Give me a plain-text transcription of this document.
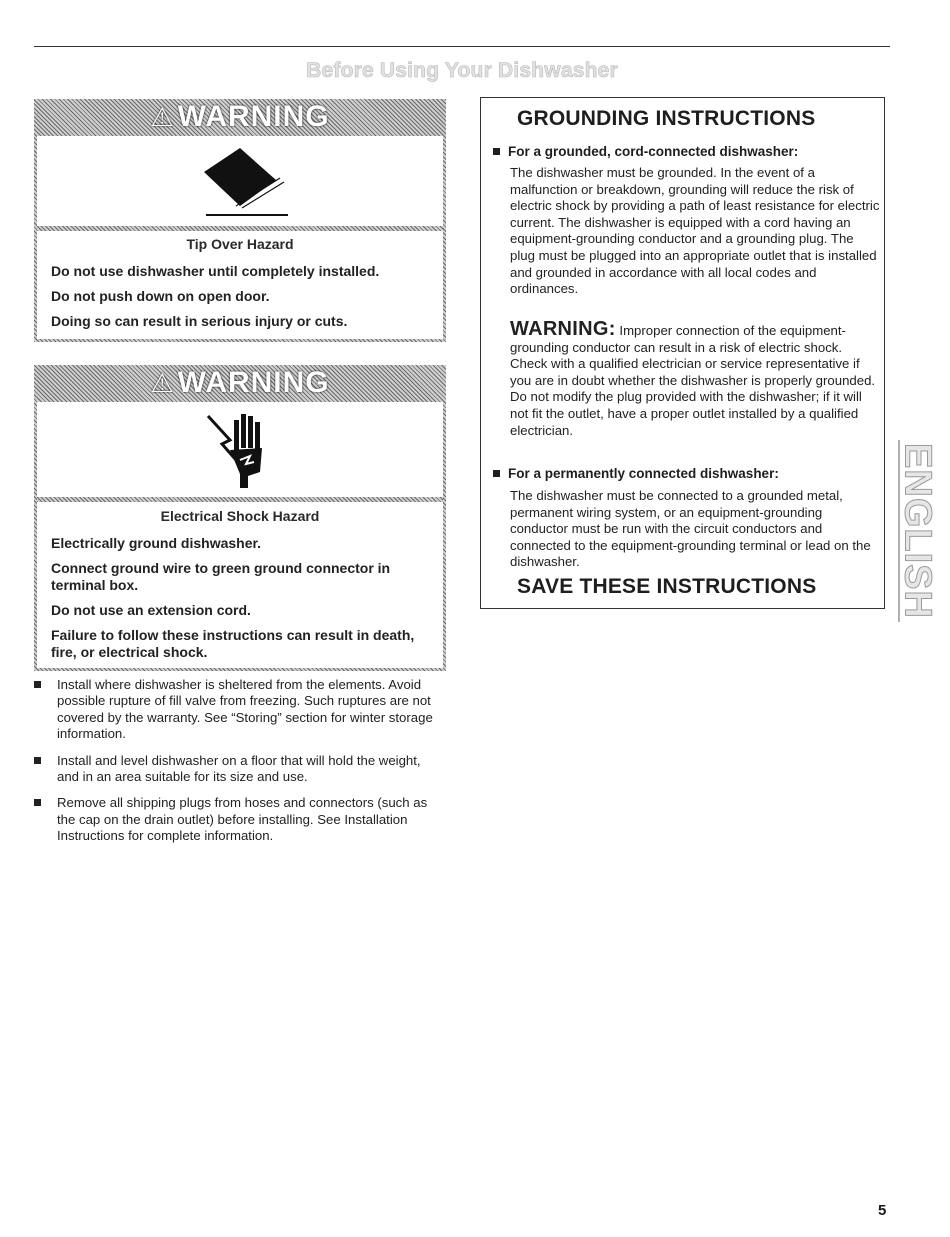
Before Using Your Dishwasher
⚠ WARNING

Tip Over Hazard

Do not use dishwasher until completely installed.

Do not push down on open door.

Doing so can result in serious injury or cuts.

⚠ WARNING

Electrical Shock Hazard

Electrically ground dishwasher.

Connect ground wire to green ground connector in terminal box.

Do not use an extension cord.

Failure to follow these instructions can result in death, fire, or electrical shock.

Install where dishwasher is sheltered from the elements. Avoid possible rupture of fill valve from freezing. Such ruptures are not covered by the warranty. See “Storing” section for winter storage information.
Install and level dishwasher on a floor that will hold the weight, and in an area suitable for its size and use.
Remove all shipping plugs from hoses and connectors (such as the cap on the drain outlet) before installing. See Installation Instructions for complete information.
GROUNDING INSTRUCTIONS
For a grounded, cord-connected dishwasher:

The dishwasher must be grounded. In the event of a malfunction or breakdown, grounding will reduce the risk of electric shock by providing a path of least resistance for electric current. The dishwasher is equipped with a cord having an equipment-grounding conductor and a grounding plug. The plug must be plugged into an appropriate outlet that is installed and grounded in accordance with all local codes and ordinances.

WARNING: Improper connection of the equipment-grounding conductor can result in a risk of electric shock. Check with a qualified electrician or service representative if you are in doubt whether the dishwasher is properly grounded. Do not modify the plug provided with the dishwasher; if it will not fit the outlet, have a proper outlet installed by a qualified electrician.

For a permanently connected dishwasher:

The dishwasher must be connected to a grounded metal, permanent wiring system, or an equipment-grounding conductor must be run with the circuit conductors and connected to the equipment-grounding terminal or lead on the dishwasher.

SAVE THESE INSTRUCTIONS ENGLISH
5
